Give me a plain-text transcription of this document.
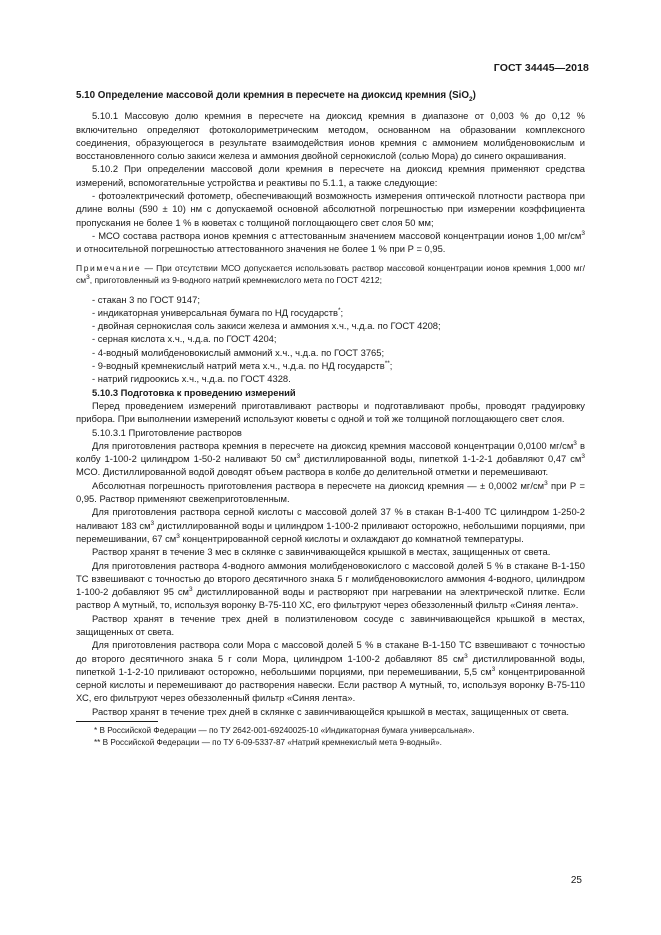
ГОСТ 34445—2018

5.10 Определение массовой доли кремния в пересчете на диоксид кремния (SiO$_2$)

5.10.1 Массовую долю кремния в пересчете на диоксид кремния в диапазоне от 0,003 % до 0,12 % включительно определяют фотоколориметрическим методом, основанном на образовании комплексного соединения, образующегося в результате взаимодействия ионов кремния с аммонием молибденовокислым и восстановленного солью закиси железа и аммония двойной сернокислой (солью Мора) до синего окрашивания.

5.10.2 При определении массовой доли кремния в пересчете на диоксид кремния применяют средства измерений, вспомогательные устройства и реактивы по 5.1.1, а также следующие:

- фотоэлектрический фотометр, обеспечивающий возможность измерения оптической плотности раствора при длине волны (590 ± 10) нм с допускаемой основной абсолютной погрешностью при измерении коэффициента пропускания не более 1 % в кюветах с толщиной поглощающего свет слоя 50 мм;

- МСО состава раствора ионов кремния с аттестованным значением массовой концентрации ионов 1,00 $мг/см^3$ и относительной погрешностью аттестованного значения не более 1 % при Р = 0,95.

Примечание — При отсутствии МСО допускается использовать раствор массовой концентрации ионов кремния 1,000 $мг/см^3$, приготовленный из 9-водного натрий кремнекислого мета по ГОСТ 4212;

- стакан 3 по ГОСТ 9147;

- индикаторная универсальная бумага по НД государств*;

- двойная сернокислая соль закиси железа и аммония х.ч., ч.д.а. по ГОСТ 4208;

- серная кислота х.ч., ч.д.а. по ГОСТ 4204;

- 4-водный молибденовокислый аммоний х.ч., ч.д.а. по ГОСТ 3765;

- 9-водный кремнекислый натрий мета х.ч., ч.д.а. по НД государств**;

- натрий гидроокись х.ч., ч.д.а. по ГОСТ 4328.

5.10.3 Подготовка к проведению измерений

Перед проведением измерений приготавливают растворы и подготавливают пробы, проводят градуировку прибора. При выполнении измерений используют кюветы с одной и той же толщиной поглощающего свет слоя.

5.10.3.1 Приготовление растворов

Для приготовления раствора кремния в пересчете на диоксид кремния массовой концентрации 0,0100 $мг/см^3$ в колбу 1-100-2 цилиндром 1-50-2 наливают 50 $см^3$ дистиллированной воды, пипеткой 1-1-2-1 добавляют 0,47 $см^3$ МСО. Дистиллированной водой доводят объем раствора в колбе до делительной отметки и перемешивают.

Абсолютная погрешность приготовления раствора в пересчете на диоксид кремния — ± 0,0002 $мг/см^3$ при Р = 0,95. Раствор применяют свежеприготовленным.

Для приготовления раствора серной кислоты с массовой долей 37 % в стакан В-1-400 ТС цилиндром 1-250-2 наливают 183 $см^3$ дистиллированной воды и цилиндром 1-100-2 приливают осторожно, небольшими порциями, при перемешивании, 67 $см^3$ концентрированной серной кислоты и охлаждают до комнатной температуры.

Раствор хранят в течение 3 мес в склянке с завинчивающейся крышкой в местах, защищенных от света.

Для приготовления раствора 4-водного аммония молибденовокислого с массовой долей 5 % в стакане В-1-150 ТС взвешивают с точностью до второго десятичного знака 5 г молибденовокислого аммония 4-водного, цилиндром 1-100-2 добавляют 95 $см^3$ дистиллированной воды и растворяют при нагревании на электрической плитке. Если раствор А мутный, то, используя воронку В-75-110 ХС, его фильтруют через обеззоленный фильтр «Синяя лента».

Раствор хранят в течение трех дней в полиэтиленовом сосуде с завинчивающейся крышкой в местах, защищенных от света.

Для приготовления раствора соли Мора с массовой долей 5 % в стакане В-1-150 ТС взвешивают с точностью до второго десятичного знака 5 г соли Мора, цилиндром 1-100-2 добавляют 85 $см^3$ дистиллированной воды, пипеткой 1-1-2-10 приливают осторожно, небольшими порциями, при перемешивании, 5,5 $см^3$ концентрированной серной кислоты и перемешивают до растворения навески. Если раствор А мутный, то, используя воронку В-75-110 ХС, его фильтруют через обеззоленный фильтр «Синяя лента».

Раствор хранят в течение трех дней в склянке с завинчивающейся крышкой в местах, защищенных от света.

* В Российской Федерации — по ТУ 2642-001-69240025-10 «Индикаторная бумага универсальная».

** В Российской Федерации — по ТУ 6-09-5337-87 «Натрий кремнекислый мета 9-водный».

25
